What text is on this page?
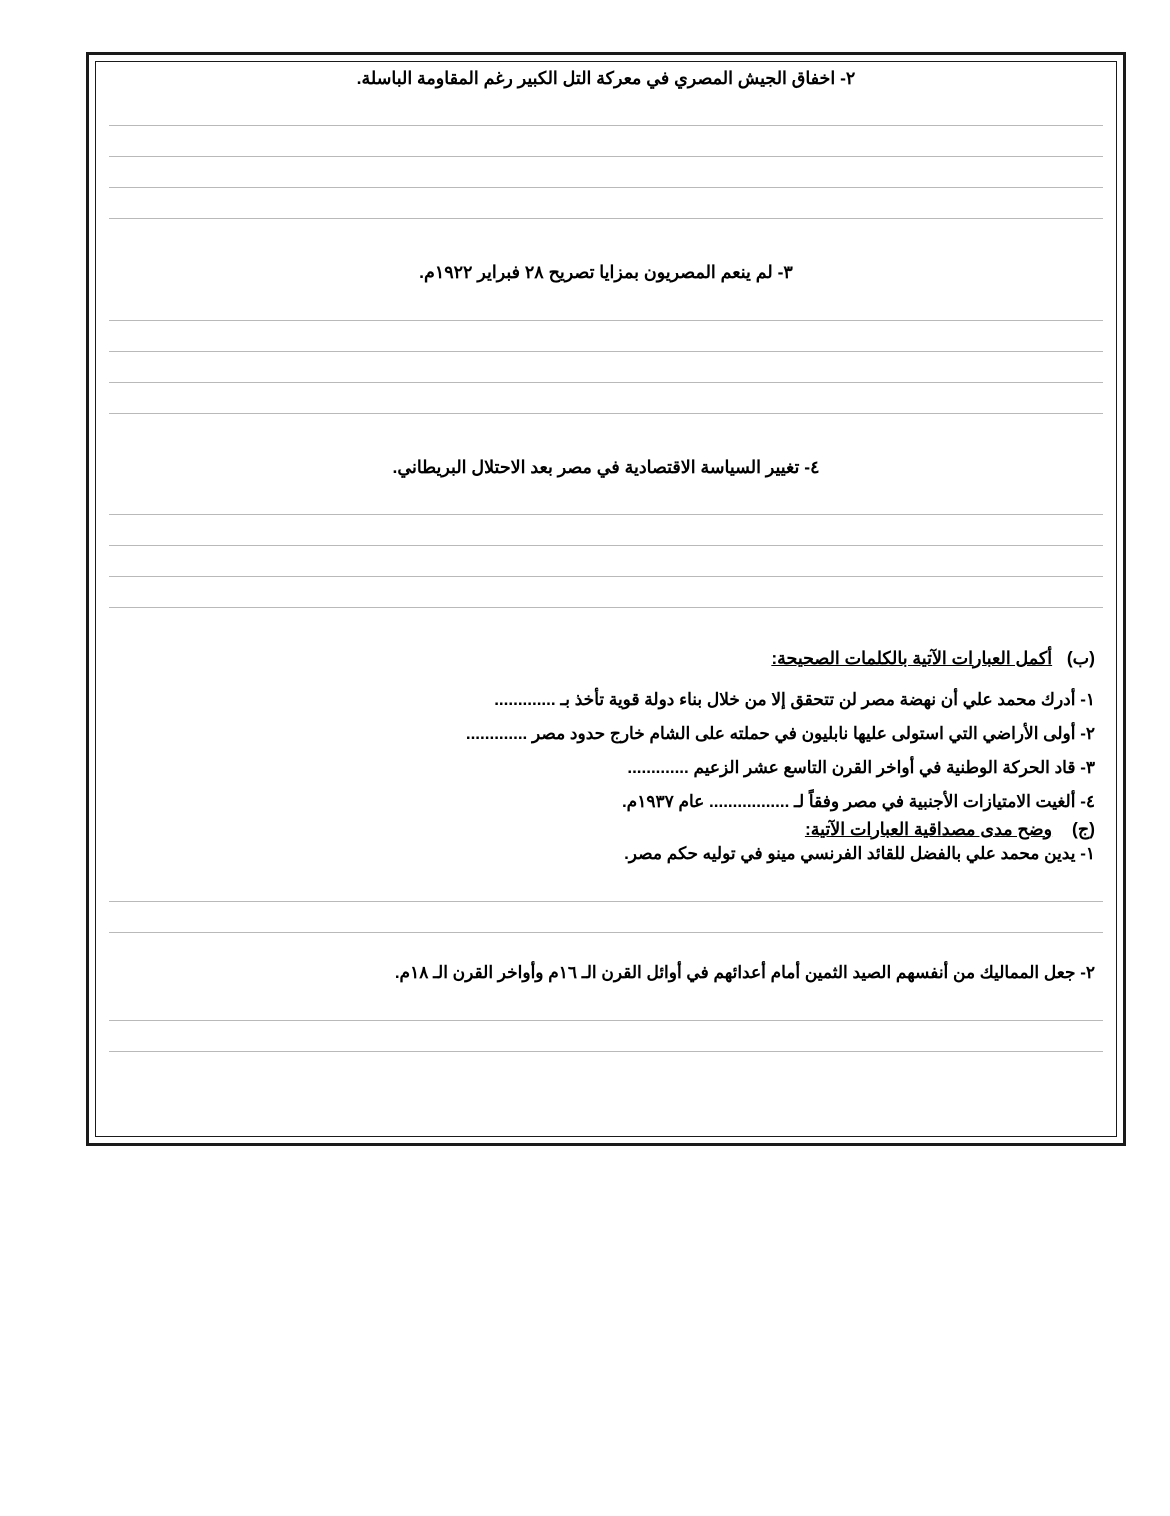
٢- اخفاق الجيش المصري في معركة التل الكبير رغم المقاومة الباسلة.
٣- لم ينعم المصريون بمزايا تصريح ٢٨ فبراير ١٩٢٢م.
٤- تغيير السياسة الاقتصادية في مصر بعد الاحتلال البريطاني.
(ب) أكمل العبارات الآتية بالكلمات الصحيحة:
١- أدرك محمد علي أن نهضة مصر لن تتحقق إلا من خلال بناء دولة قوية تأخذ بـ .............
٢- أولى الأراضي التي استولى عليها نابليون في حملته على الشام خارج حدود مصر .............
٣- قاد الحركة الوطنية في أواخر القرن التاسع عشر الزعيم .............
٤- ألغيت الامتيازات الأجنبية في مصر وفقاً لـ ................. عام ١٩٣٧م.
(ج) وضح مدى مصداقية العبارات الآتية:
١- يدين محمد علي بالفضل للقائد الفرنسي مينو في توليه حكم مصر.
٢- جعل المماليك من أنفسهم الصيد الثمين أمام أعدائهم في أوائل القرن الـ ١٦م وأواخر القرن الـ ١٨م.
